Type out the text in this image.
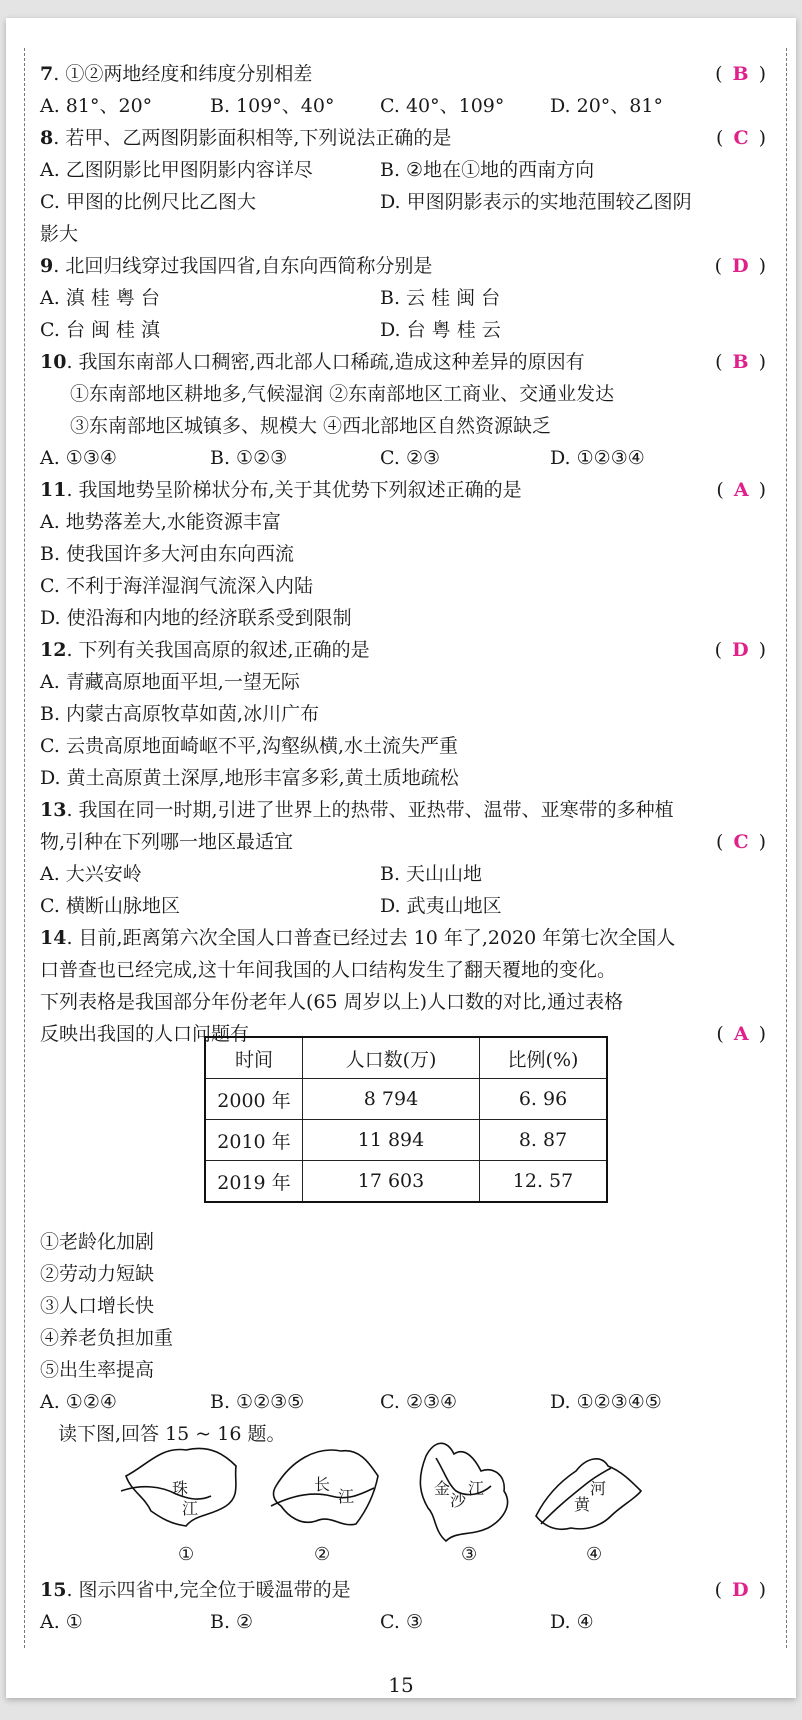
7. ①②两地经度和纬度分别相差	( B )
A. 81°、20°	B. 109°、40° C. 40°、109° D. 20°、81°
8. 若甲、乙两图阴影面积相等,下列说法正确的是	( C )
A. 乙图阴影比甲图阴影内容详尽	B. ②地在①地的西南方向
C. 甲图的比例尺比乙图大	D. 甲图阴影表示的实地范围较乙图阴
影大
9. 北回归线穿过我国四省,自东向西简称分别是	( D )
A. 滇 桂 粤 台	B. 云 桂 闽 台
C. 台 闽 桂 滇	D. 台 粤 桂 云
10. 我国东南部人口稠密,西北部人口稀疏,造成这种差异的原因有	( B )
①东南部地区耕地多,气候湿润 ②东南部地区工商业、交通业发达
③东南部地区城镇多、规模大 ④西北部地区自然资源缺乏
A. ①③④	B. ①②③	C. ②③	D. ①②③④
11. 我国地势呈阶梯状分布,关于其优势下列叙述正确的是	( A )
A. 地势落差大,水能资源丰富
B. 使我国许多大河由东向西流
C. 不利于海洋湿润气流深入内陆
D. 使沿海和内地的经济联系受到限制
12. 下列有关我国高原的叙述,正确的是	( D )
A. 青藏高原地面平坦,一望无际
B. 内蒙古高原牧草如茵,冰川广布
C. 云贵高原地面崎岖不平,沟壑纵横,水土流失严重
D. 黄土高原黄土深厚,地形丰富多彩,黄土质地疏松
13. 我国在同一时期,引进了世界上的热带、亚热带、温带、亚寒带的多种植
物,引种在下列哪一地区最适宜	( C )
A. 大兴安岭	B. 天山山地
C. 横断山脉地区	D. 武夷山地区
14. 目前,距离第六次全国人口普查已经过去 10 年了,2020 年第七次全国人
口普查也已经完成,这十年间我国的人口结构发生了翻天覆地的变化。
下列表格是我国部分年份老年人(65 周岁以上)人口数的对比,通过表格
反映出我国的人口问题有	( A )
①老龄化加剧
②劳动力短缺
③人口增长快
④养老负担加重
⑤出生率提高
A. ①②④	B. ①②③⑤	C. ②③④	D. ①②③④⑤
读下图,回答 15 ~ 16 题。
15. 图示四省中,完全位于暖温带的是	( D )
A. ①	B. ②	C. ③	D. ④
时间	人口数(万)	比例(%)
2000 年	8 794	6. 96
2010 年	11 894	8. 87
2019 年	17 603	12. 57
珠
江
长
江	金
沙
江
黄
河
①	②	③	④
15
